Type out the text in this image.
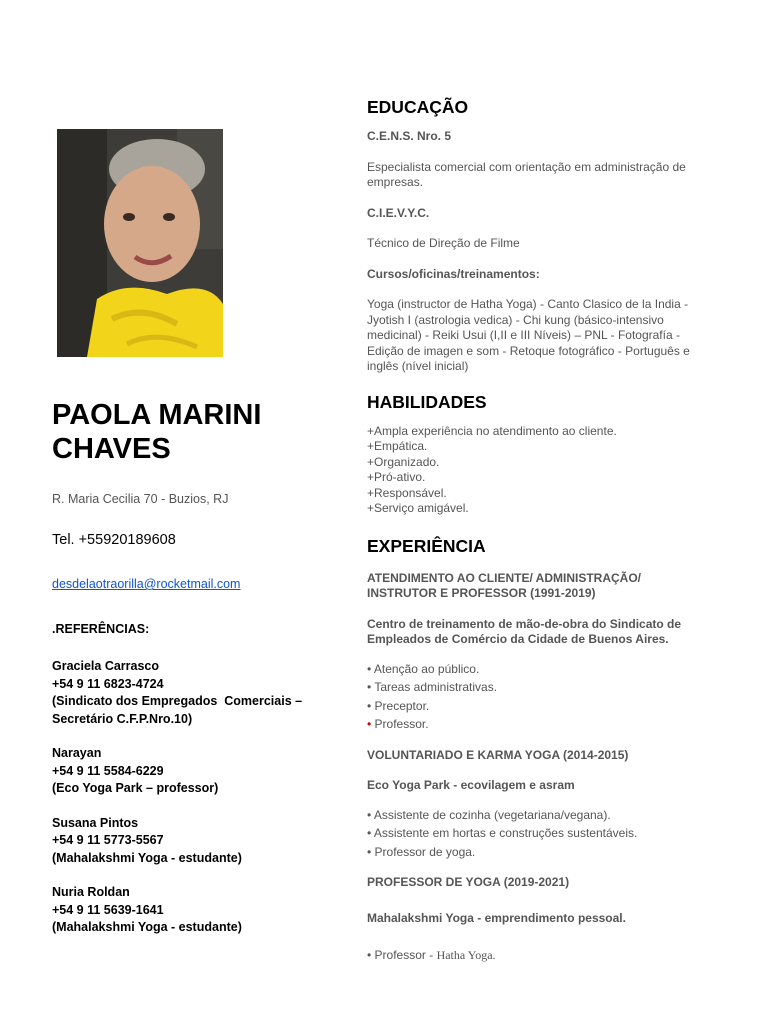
PAOLA MARINI CHAVES
R. Maria Cecilia 70 - Buzios, RJ
Tel. +55920189608
desdelaotraorilla@rocketmail.com
.REFERÊNCIAS:
Graciela Carrasco
+54 9 11 6823-4724
(Sindicato dos Empregados  Comerciais –
Secretário C.F.P.Nro.10)
Narayan
+54 9 11 5584-6229
(Eco Yoga Park – professor)
Susana Pintos
+54 9 11 5773-5567
(Mahalakshmi Yoga - estudante)
Nuria Roldan
+54 9 11 5639-1641
(Mahalakshmi Yoga - estudante)
EDUCAÇÃO
C.E.N.S. Nro. 5
Especialista comercial com orientação em administração de empresas.
C.I.E.V.Y.C.
Técnico de Direção de Filme
Cursos/oficinas/treinamentos:
Yoga (instructor de Hatha Yoga) - Canto Clasico de la India - Jyotish I (astrologia vedica) - Chi kung (básico-intensivo medicinal) - Reiki Usui (I,II e III Níveis) – PNL - Fotografía - Edição de imagen e som - Retoque fotográfico - Português e inglês (nível inicial)
HABILIDADES
+Ampla experiência no atendimento ao cliente.
+Empática.
+Organizado.
+Pró-ativo.
+Responsável.
+Serviço amigável.
EXPERIÊNCIA
ATENDIMENTO AO CLIENTE/ ADMINISTRAÇÃO/ INSTRUTOR E PROFESSOR (1991-2019)
Centro de treinamento de mão-de-obra do Sindicato de Empleados de Comércio da Cidade de Buenos Aires.
• Atenção ao público.
• Tareas administrativas.
• Preceptor.
• Professor.
VOLUNTARIADO E KARMA YOGA (2014-2015)
Eco Yoga Park - ecovilagem e asram
• Assistente de cozinha (vegetariana/vegana).
• Assistente em hortas e construções sustentáveis.
• Professor de yoga.
PROFESSOR DE YOGA (2019-2021)
Mahalakshmi Yoga - emprendimento pessoal.
• Professor - Hatha Yoga.
